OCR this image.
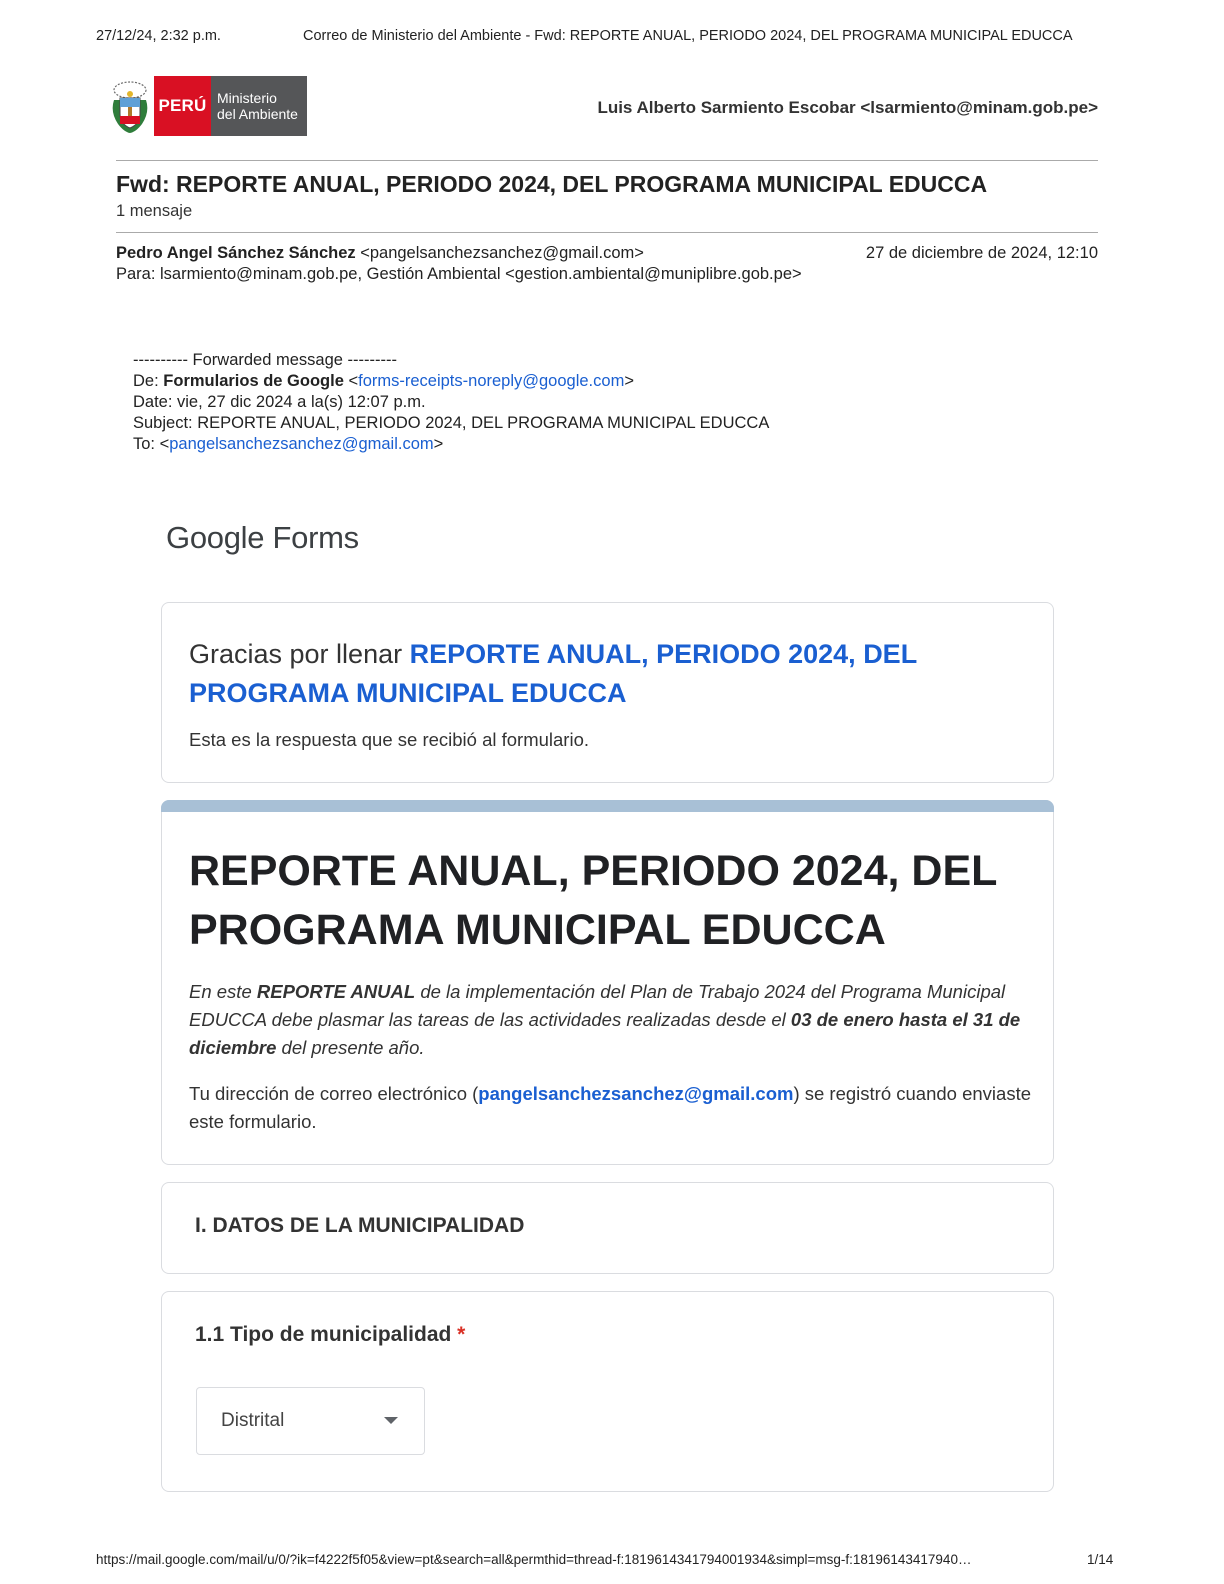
27/12/24, 2:32 p.m.	Correo de Ministerio del Ambiente - Fwd: REPORTE ANUAL, PERIODO 2024, DEL PROGRAMA MUNICIPAL EDUCCA
PERÚ Ministerio
del Ambiente	Luis Alberto Sarmiento Escobar <lsarmiento@minam.gob.pe>
Fwd: REPORTE ANUAL, PERIODO 2024, DEL PROGRAMA MUNICIPAL EDUCCA
1 mensaje
Pedro Angel Sánchez Sánchez <pangelsanchezsanchez@gmail.com>	27 de diciembre de 2024, 12:10
Para: lsarmiento@minam.gob.pe, Gestión Ambiental <gestion.ambiental@muniplibre.gob.pe>
---------- Forwarded message ---------
De: Formularios de Google <forms-receipts-noreply@google.com>
Date: vie, 27 dic 2024 a la(s) 12:07 p.m.
Subject: REPORTE ANUAL, PERIODO 2024, DEL PROGRAMA MUNICIPAL EDUCCA
To: <pangelsanchezsanchez@gmail.com>
Google Forms
Gracias por llenar REPORTE ANUAL, PERIODO 2024, DEL PROGRAMA MUNICIPAL EDUCCA
Esta es la respuesta que se recibió al formulario.
REPORTE ANUAL, PERIODO 2024, DEL PROGRAMA MUNICIPAL EDUCCA
En este REPORTE ANUAL de la implementación del Plan de Trabajo 2024 del Programa Municipal EDUCCA debe plasmar las tareas de las actividades realizadas desde el 03 de enero hasta el 31 de diciembre del presente año.
Tu dirección de correo electrónico (pangelsanchezsanchez@gmail.com) se registró cuando enviaste este formulario.
I. DATOS DE LA MUNICIPALIDAD
1.1 Tipo de municipalidad *
Distrital
https://mail.google.com/mail/u/0/?ik=f4222f5f05&view=pt&search=all&permthid=thread-f:1819614341794001934&simpl=msg-f:18196143417940…	1/14
